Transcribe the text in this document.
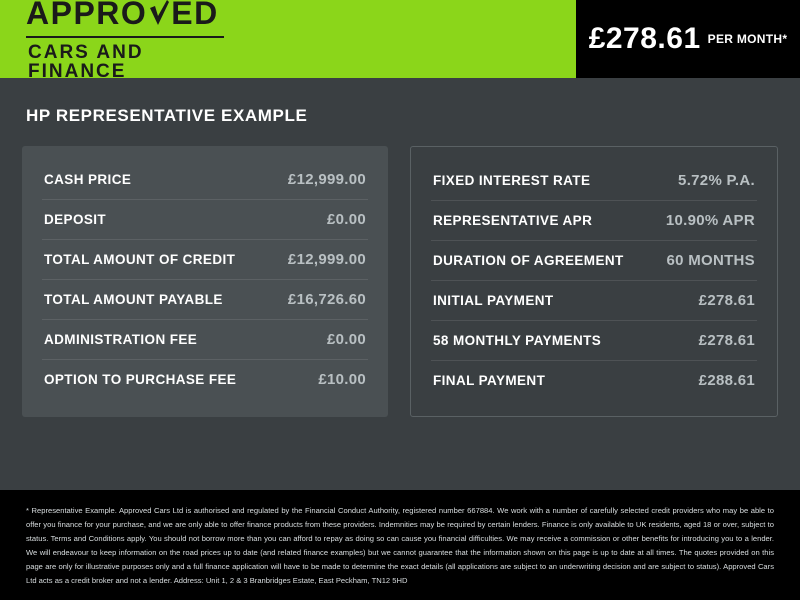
APPRO ED
CARS AND FINANCE
£278.61 PER MONTH*
HP REPRESENTATIVE EXAMPLE
CASH PRICE	£12,999.00
DEPOSIT	£0.00
TOTAL AMOUNT OF CREDIT	£12,999.00
TOTAL AMOUNT PAYABLE	£16,726.60
ADMINISTRATION FEE	£0.00
OPTION TO PURCHASE FEE	£10.00
FIXED INTEREST RATE	5.72% P.A.
REPRESENTATIVE APR	10.90% APR
DURATION OF AGREEMENT	60 MONTHS
INITIAL PAYMENT	£278.61
58 MONTHLY PAYMENTS	£278.61
FINAL PAYMENT	£288.61
* Representative Example. Approved Cars Ltd is authorised and regulated by the Financial Conduct Authority, registered number 667884. We work with a number of carefully selected credit providers who may be able to offer you finance for your purchase, and we are only able to offer finance products from these providers. Indemnities may be required by certain lenders. Finance is only available to UK residents, aged 18 or over, subject to status. Terms and Conditions apply. You should not borrow more than you can afford to repay as doing so can cause you financial difficulties. We may receive a commission or other benefits for introducing you to a lender. We will endeavour to keep information on the road prices up to date (and related finance examples) but we cannot guarantee that the information shown on this page is up to date at all times. The quotes provided on this page are only for illustrative purposes only and a full finance application will have to be made to determine the exact details (all applications are subject to an underwriting decision and are subject to status). Approved Cars Ltd acts as a credit broker and not a lender. Address: Unit 1, 2 & 3 Branbridges Estate, East Peckham, TN12 5HD
